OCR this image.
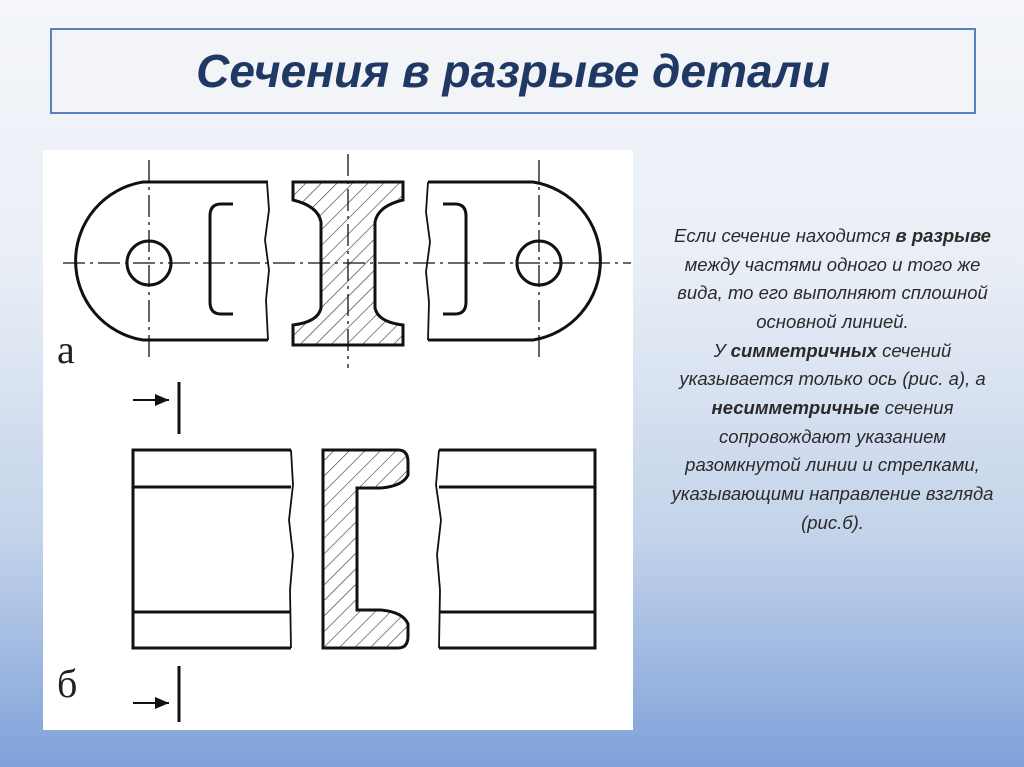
Сечения в разрыве детали
а
б

Если сечение находится в разрыве между частями одного и того же вида, то его выполняют сплошной основной линией.

У симметричных сечений указывается только ось (рис. а), а несимметричные сечения сопровождают указанием разомкнутой линии и стрелками, указывающими направление взгляда (рис.б).
